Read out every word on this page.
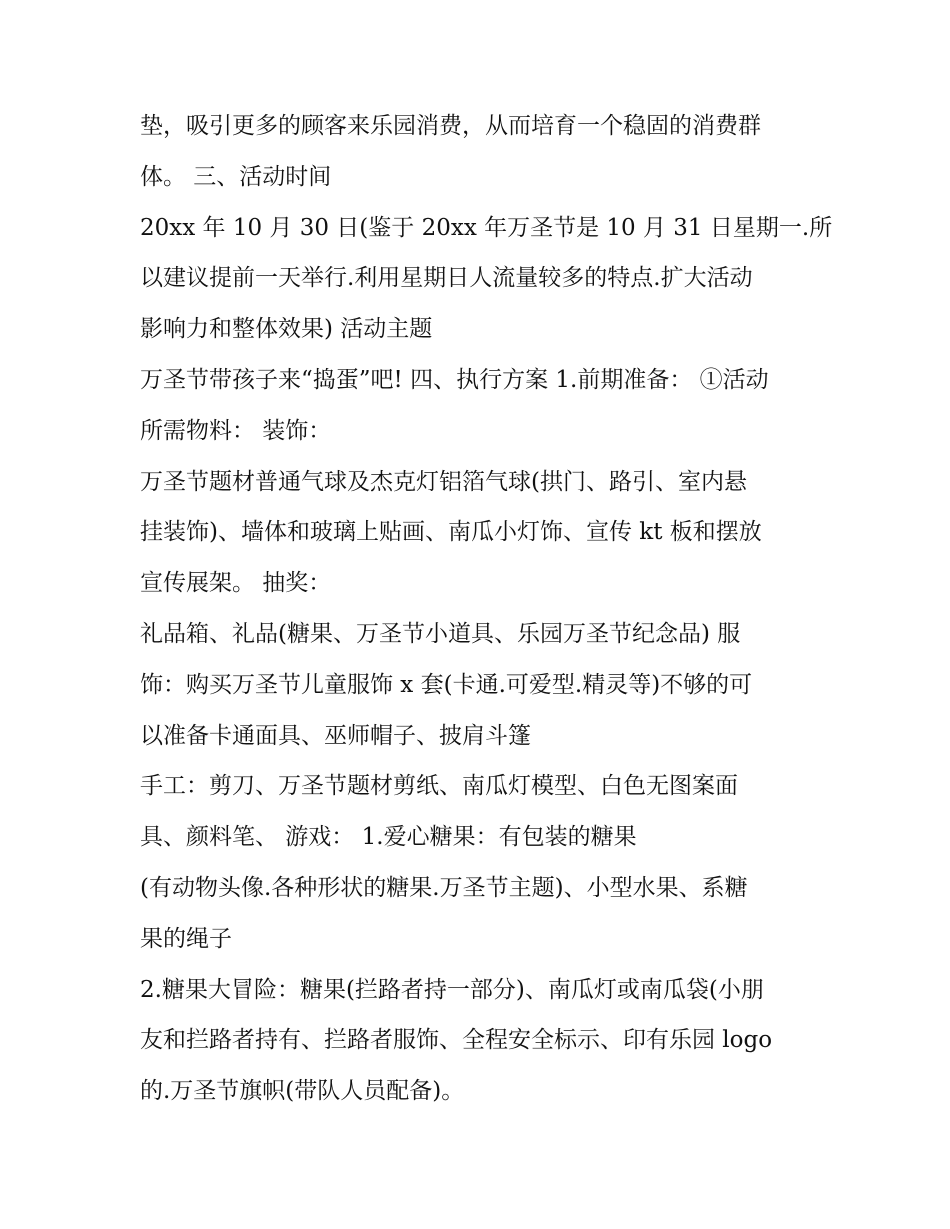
垫，吸引更多的顾客来乐园消费，从而培育一个稳固的消费群
体。 三、活动时间
20xx 年 10 月 30 日(鉴于 20xx 年万圣节是 10 月 31 日星期一.所
以建议提前一天举行.利用星期日人流量较多的特点.扩大活动
影响力和整体效果) 活动主题
万圣节带孩子来“捣蛋”吧! 四、执行方案 1.前期准备： ①活动
所需物料： 装饰：
万圣节题材普通气球及杰克灯铝箔气球(拱门、路引、室内悬
挂装饰)、墙体和玻璃上贴画、南瓜小灯饰、宣传 kt 板和摆放
宣传展架。 抽奖：
礼品箱、礼品(糖果、万圣节小道具、乐园万圣节纪念品) 服
饰：购买万圣节儿童服饰 x 套(卡通.可爱型.精灵等)不够的可
以准备卡通面具、巫师帽子、披肩斗篷
手工：剪刀、万圣节题材剪纸、南瓜灯模型、白色无图案面
具、颜料笔、 游戏： 1.爱心糖果：有包装的糖果
(有动物头像.各种形状的糖果.万圣节主题)、小型水果、系糖
果的绳子
2.糖果大冒险：糖果(拦路者持一部分)、南瓜灯或南瓜袋(小朋
友和拦路者持有、拦路者服饰、全程安全标示、印有乐园 logo
的.万圣节旗帜(带队人员配备)。
